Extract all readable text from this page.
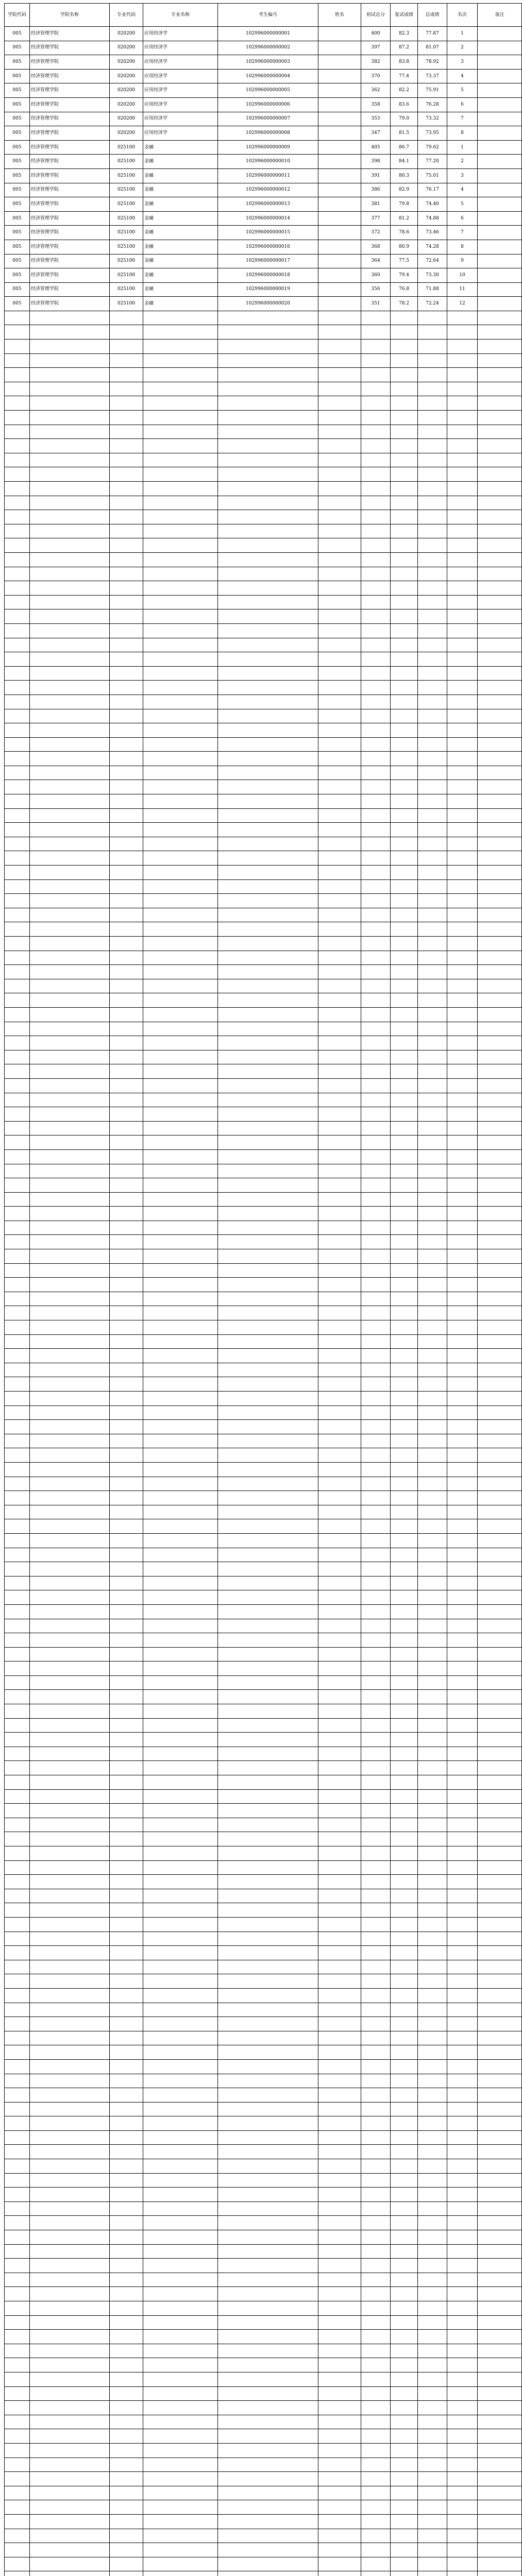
学院代码	学院名称	专业代码	专业名称	考生编号	姓名	初试总分	复试成绩	总成绩	名次	备注
005	经济管理学院	020200	应用经济学	102996000000001		400	82.3	77.87	1	
005	经济管理学院	020200	应用经济学	102996000000002		397	87.2	81.07	2	
005	经济管理学院	020200	应用经济学	102996000000003		382	83.8	78.92	3	
005	经济管理学院	020200	应用经济学	102996000000004		370	77.4	73.37	4	
005	经济管理学院	020200	应用经济学	102996000000005		362	82.2	75.91	5	
005	经济管理学院	020200	应用经济学	102996000000006		358	83.6	76.28	6	
005	经济管理学院	020200	应用经济学	102996000000007		353	79.0	73.32	7	
005	经济管理学院	020200	应用经济学	102996000000008		347	81.5	73.95	8	
005	经济管理学院	025100	金融	102996000000009		405	86.7	79.62	1	
005	经济管理学院	025100	金融	102996000000010		398	84.1	77.20	2	
005	经济管理学院	025100	金融	102996000000011		391	80.3	75.01	3	
005	经济管理学院	025100	金融	102996000000012		386	82.9	76.17	4	
005	经济管理学院	025100	金融	102996000000013		381	79.8	74.40	5	
005	经济管理学院	025100	金融	102996000000014		377	81.2	74.88	6	
005	经济管理学院	025100	金融	102996000000015		372	78.6	73.46	7	
005	经济管理学院	025100	金融	102996000000016		368	80.9	74.28	8	
005	经济管理学院	025100	金融	102996000000017		364	77.5	72.64	9	
005	经济管理学院	025100	金融	102996000000018		360	79.4	73.30	10	
005	经济管理学院	025100	金融	102996000000019		356	76.8	71.88	11	
005	经济管理学院	025100	金融	102996000000020		351	78.2	72.24	12	
